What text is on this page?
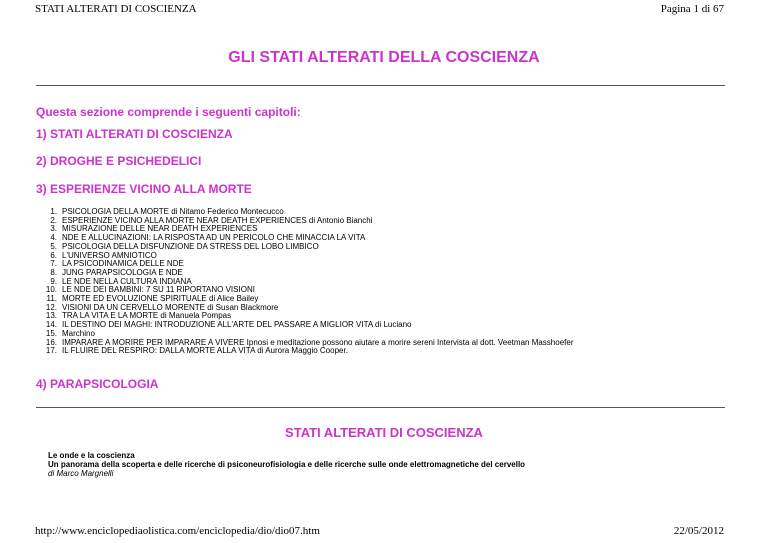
STATI ALTERATI DI COSCIENZA	Pagina 1 di 67
GLI STATI ALTERATI DELLA COSCIENZA

Questa sezione comprende i seguenti capitoli:

1) STATI ALTERATI DI COSCIENZA
2) DROGHE E PSICHEDELICI
3) ESPERIENZE VICINO ALLA MORTE
1. PSICOLOGIA DELLA MORTE di Nitamo Federico Montecucco
2. ESPERIENZE VICINO ALLA MORTE NEAR DEATH EXPERIENCES di Antonio Bianchi
3. MISURAZIONE DELLE NEAR DEATH EXPERIENCES
4. NDE E ALLUCINAZIONI: LA RISPOSTA AD UN PERICOLO CHE MINACCIA LA VITA
5. PSICOLOGIA DELLA DISFUNZIONE DA STRESS DEL LOBO LIMBICO
6. L'UNIVERSO AMNIOTICO
7. LA PSICODINAMICA DELLE NDE
8. JUNG PARAPSICOLOGIA E NDE
9. LE NDE NELLA CULTURA INDIANA
10. LE NDE DEI BAMBINI: 7 SU 11 RIPORTANO VISIONI
11. MORTE ED EVOLUZIONE SPIRITUALE di Alice Bailey
12. VISIONI DA UN CERVELLO MORENTE di Susan Blackmore
13. TRA LA VITA E LA MORTE di Manuela Pompas
14. IL DESTINO DEI MAGHI: INTRODUZIONE ALL'ARTE DEL PASSARE A MIGLIOR VITA di Luciano
15. Marchino
16. IMPARARE A MORIRE PER IMPARARE A VIVERE Ipnosi e meditazione possono aiutare a morire sereni Intervista al dott. Veetman Masshoefer
17. IL FLUIRE DEL RESPIRO: DALLA MORTE ALLA VITA di Aurora Maggio Cooper.
4) PARAPSICOLOGIA
STATI ALTERATI DI COSCIENZA
Le onde e la coscienza
Un panorama della scoperta e delle ricerche di psiconeurofisiologia e delle ricerche sulle onde elettromagnetiche del cervello
di Marco Margnelli
http://www.enciclopediaolistica.com/enciclopedia/dio/dio07.htm	22/05/2012
